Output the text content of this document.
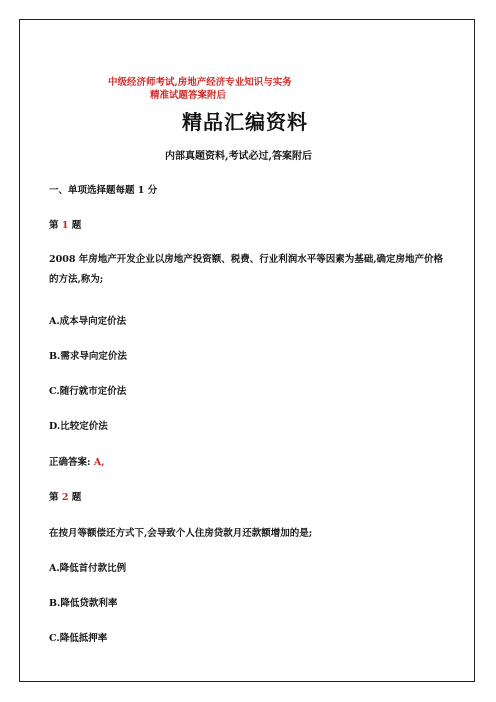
中级经济师考试,房地产经济专业知识与实务
精准试题答案附后
精品汇编资料
内部真题资料,考试必过,答案附后
一、单项选择题每题 1 分
第 1 题
2008 年房地产开发企业以房地产投资额、税费、行业利润水平等因素为基础,确定房地产价格的方法,称为;
A.成本导向定价法
B.需求导向定价法
C.随行就市定价法
D.比较定价法
正确答案: A,
第 2 题
在按月等额偿还方式下,会导致个人住房贷款月还款额增加的是;
A.降低首付款比例
B.降低贷款利率
C.降低抵押率
